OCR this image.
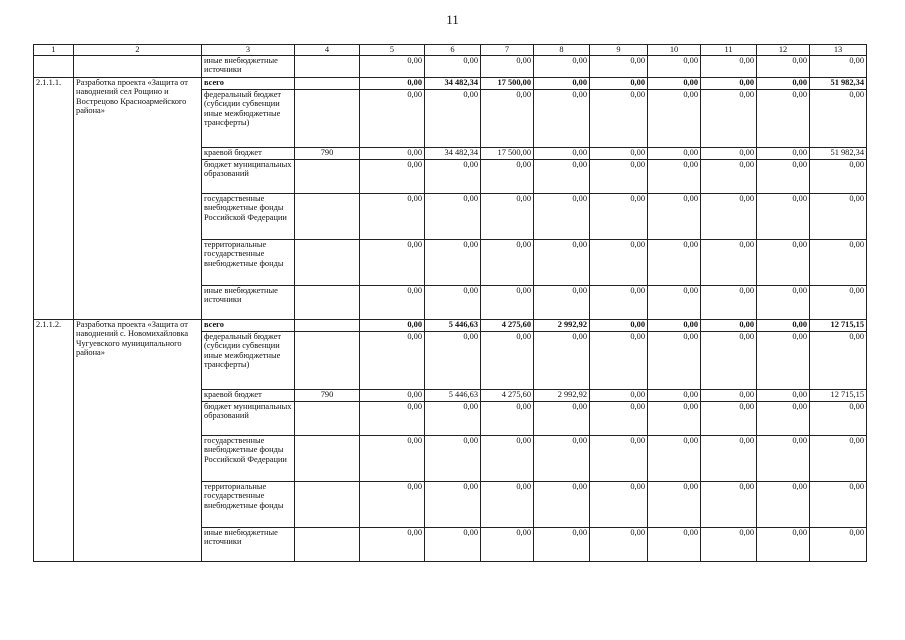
11
1	2	3	4	5	6	7	8	9	10	11	12	13
		иные внебюджетные источники		0,00	0,00	0,00	0,00	0,00	0,00	0,00	0,00	0,00
2.1.1.1.	Разработка проекта «Защита от наводнений сел Рощино и Вострецово Красноармейского района»	всего		0,00	34 482,34	17 500,00	0,00	0,00	0,00	0,00	0,00	51 982,34
		федеральный бюджет (субсидии субвенции иные межбюджетные трансферты)		0,00	0,00	0,00	0,00	0,00	0,00	0,00	0,00	0,00
		краевой бюджет	790	0,00	34 482,34	17 500,00	0,00	0,00	0,00	0,00	0,00	51 982,34
		бюджет муниципальных образований		0,00	0,00	0,00	0,00	0,00	0,00	0,00	0,00	0,00
		государственные внебюджетные фонды Российской Федерации		0,00	0,00	0,00	0,00	0,00	0,00	0,00	0,00	0,00
		территориальные государственные внебюджетные фонды		0,00	0,00	0,00	0,00	0,00	0,00	0,00	0,00	0,00
		иные внебюджетные источники		0,00	0,00	0,00	0,00	0,00	0,00	0,00	0,00	0,00
2.1.1.2.	Разработка проекта «Защита от наводнений с. Новомихайловка Чугуевского муниципального района»	всего		0,00	5 446,63	4 275,60	2 992,92	0,00	0,00	0,00	0,00	12 715,15
		федеральный бюджет (субсидии субвенции иные межбюджетные трансферты)		0,00	0,00	0,00	0,00	0,00	0,00	0,00	0,00	0,00
		краевой бюджет	790	0,00	5 446,63	4 275,60	2 992,92	0,00	0,00	0,00	0,00	12 715,15
		бюджет муниципальных образований		0,00	0,00	0,00	0,00	0,00	0,00	0,00	0,00	0,00
		государственные внебюджетные фонды Российской Федерации		0,00	0,00	0,00	0,00	0,00	0,00	0,00	0,00	0,00
		территориальные государственные внебюджетные фонды		0,00	0,00	0,00	0,00	0,00	0,00	0,00	0,00	0,00
		иные внебюджетные источники		0,00	0,00	0,00	0,00	0,00	0,00	0,00	0,00	0,00
